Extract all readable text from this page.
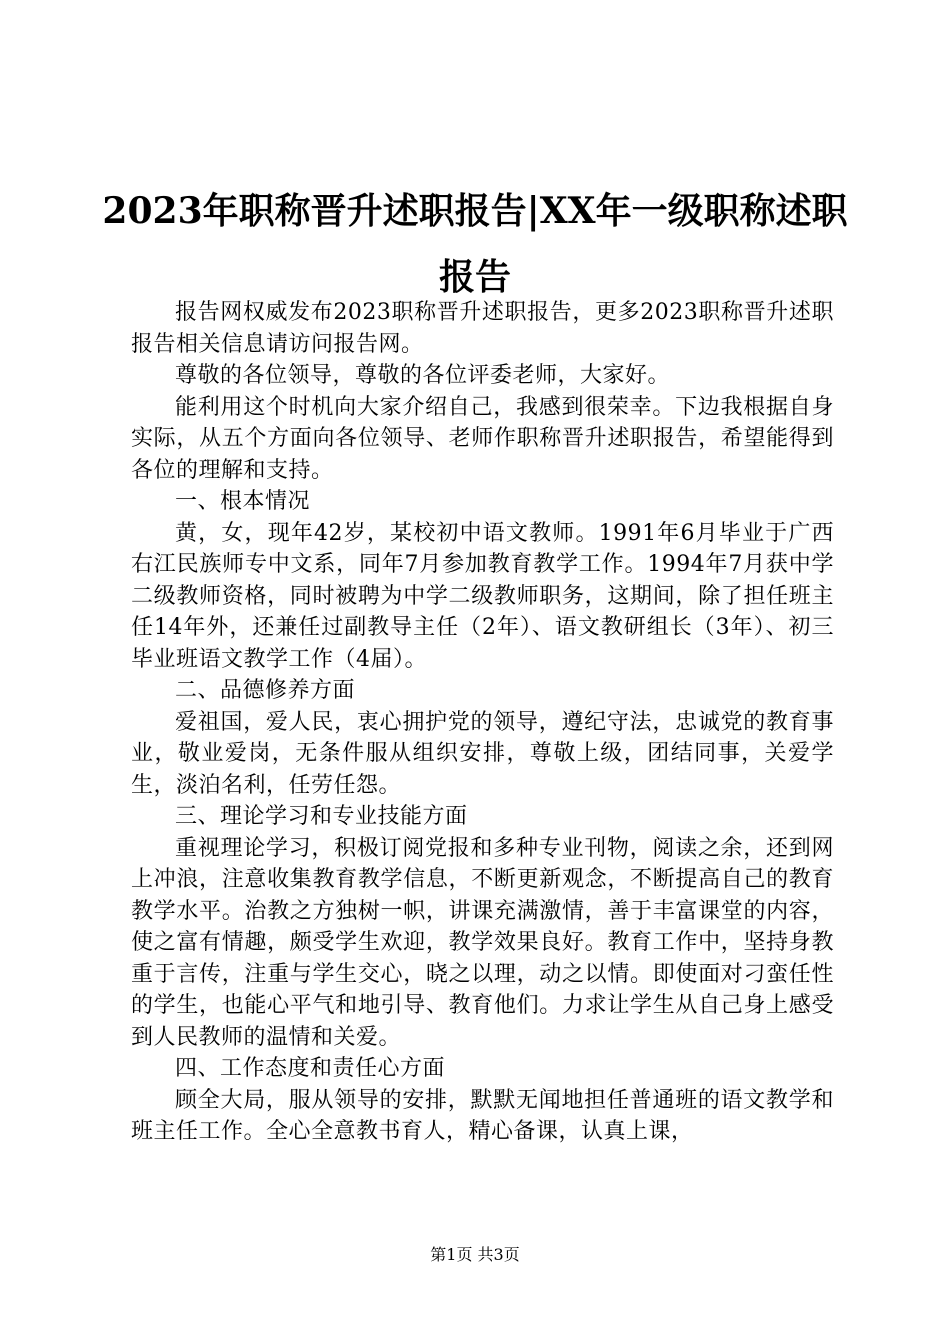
2023年职称晋升述职报告|XX年一级职称述职报告

报告网权威发布2023职称晋升述职报告，更多2023职称晋升述职报告相关信息请访问报告网。

尊敬的各位领导，尊敬的各位评委老师，大家好。

能利用这个时机向大家介绍自己，我感到很荣幸。下边我根据自身实际，从五个方面向各位领导、老师作职称晋升述职报告，希望能得到各位的理解和支持。

一、根本情况

黄，女，现年42岁，某校初中语文教师。1991年6月毕业于广西右江民族师专中文系，同年7月参加教育教学工作。1994年7月获中学二级教师资格，同时被聘为中学二级教师职务，这期间，除了担任班主任14年外，还兼任过副教导主任（2年）、语文教研组长（3年）、初三毕业班语文教学工作（4届）。

二、品德修养方面

爱祖国，爱人民，衷心拥护党的领导，遵纪守法，忠诚党的教育事业，敬业爱岗，无条件服从组织安排，尊敬上级，团结同事，关爱学生，淡泊名利，任劳任怨。

三、理论学习和专业技能方面

重视理论学习，积极订阅党报和多种专业刊物，阅读之余，还到网上冲浪，注意收集教育教学信息，不断更新观念，不断提高自己的教育教学水平。治教之方独树一帜，讲课充满激情，善于丰富课堂的内容，使之富有情趣，颇受学生欢迎，教学效果良好。教育工作中，坚持身教重于言传，注重与学生交心，晓之以理，动之以情。即使面对刁蛮任性的学生，也能心平气和地引导、教育他们。力求让学生从自己身上感受到人民教师的温情和关爱。

四、工作态度和责任心方面

顾全大局，服从领导的安排，默默无闻地担任普通班的语文教学和班主任工作。全心全意教书育人，精心备课，认真上课，

第1页 共3页
